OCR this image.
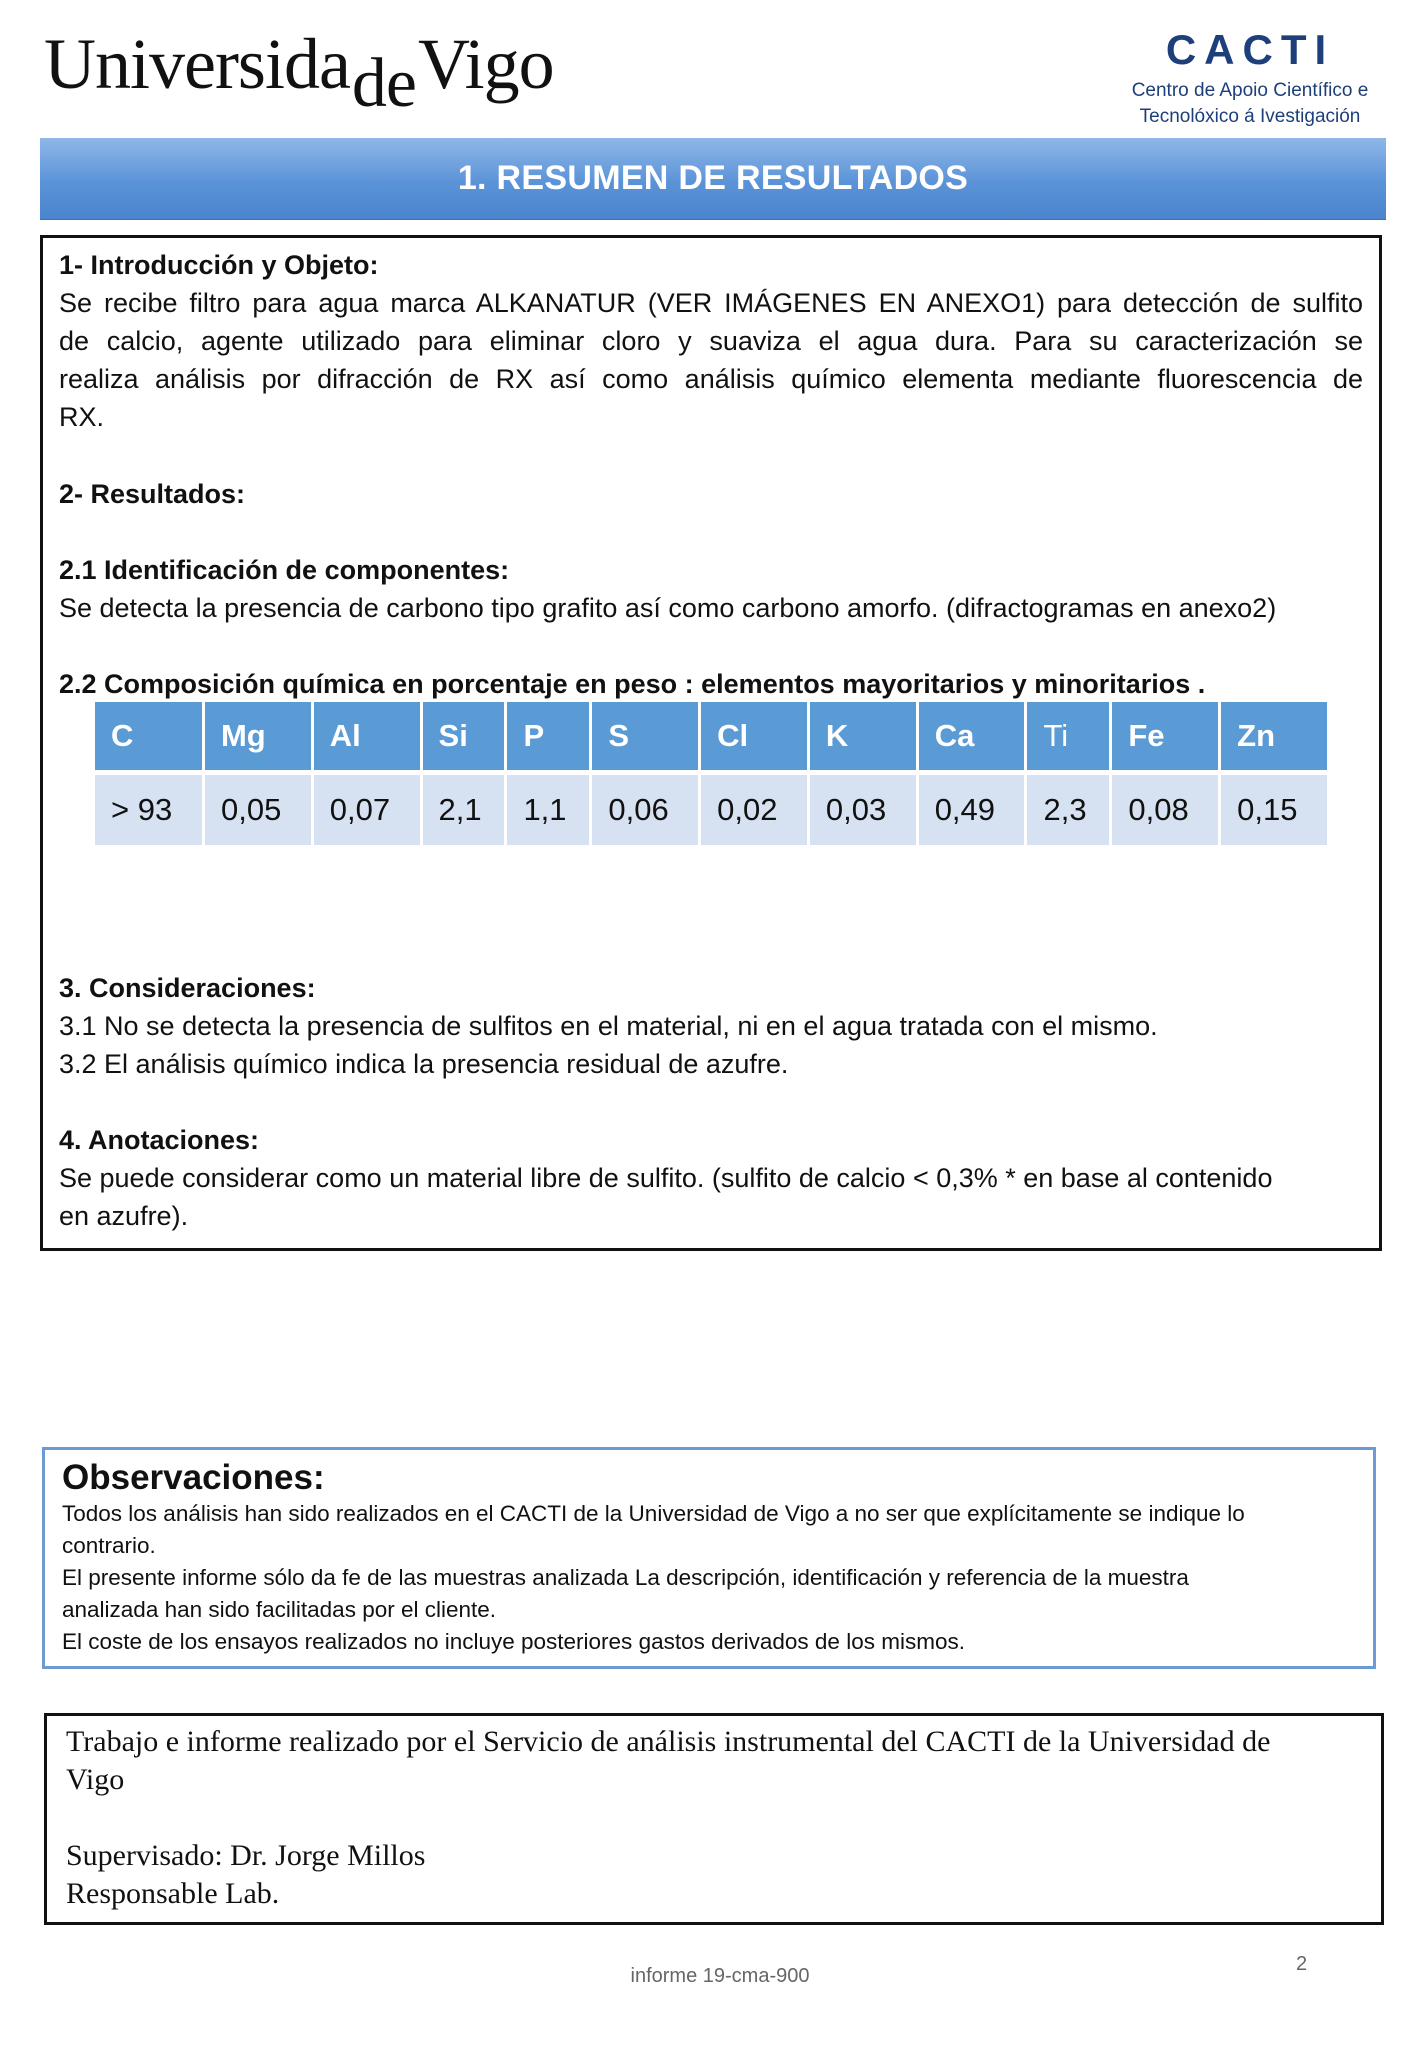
UniversidadeVigo	CACTI
Centro de Apoio Científico e
Tecnolóxico á Ivestigación
1. RESUMEN DE RESULTADOS
1- Introducción y Objeto:
Se recibe filtro para agua marca ALKANATUR (VER IMÁGENES EN ANEXO1) para detección de sulfito
de calcio, agente utilizado para eliminar cloro y suaviza el agua dura. Para su caracterización se
realiza análisis por difracción de RX así como análisis químico elementa mediante fluorescencia de
RX.
2- Resultados:
2.1 Identificación de componentes:
Se detecta la presencia de carbono tipo grafito así como carbono amorfo. (difractogramas en anexo2)
2.2 Composición química en porcentaje en peso : elementos mayoritarios y minoritarios .
C	Mg	Al	Si	P	S	Cl	K	Ca	Ti	Fe	Zn
> 93	0,05	0,07	2,1	1,1	0,06	0,02	0,03	0,49	2,3	0,08	0,15
3. Consideraciones:
3.1 No se detecta la presencia de sulfitos en el material, ni en el agua tratada con el mismo.
3.2 El análisis químico indica la presencia residual de azufre.
4. Anotaciones:
Se puede considerar como un material libre de sulfito. (sulfito de calcio < 0,3% * en base al contenido
en azufre).
Observaciones:
Todos los análisis han sido realizados en el CACTI de la Universidad de Vigo a no ser que explícitamente se indique lo
contrario.
El presente informe sólo da fe de las muestras analizada La descripción, identificación y referencia de la muestra
analizada han sido facilitadas por el cliente.
El coste de los ensayos realizados no incluye posteriores gastos derivados de los mismos.
Trabajo e informe realizado por el Servicio de análisis instrumental del CACTI de la Universidad de
Vigo
Supervisado: Dr. Jorge Millos
Responsable Lab.
informe 19-cma-900
2
